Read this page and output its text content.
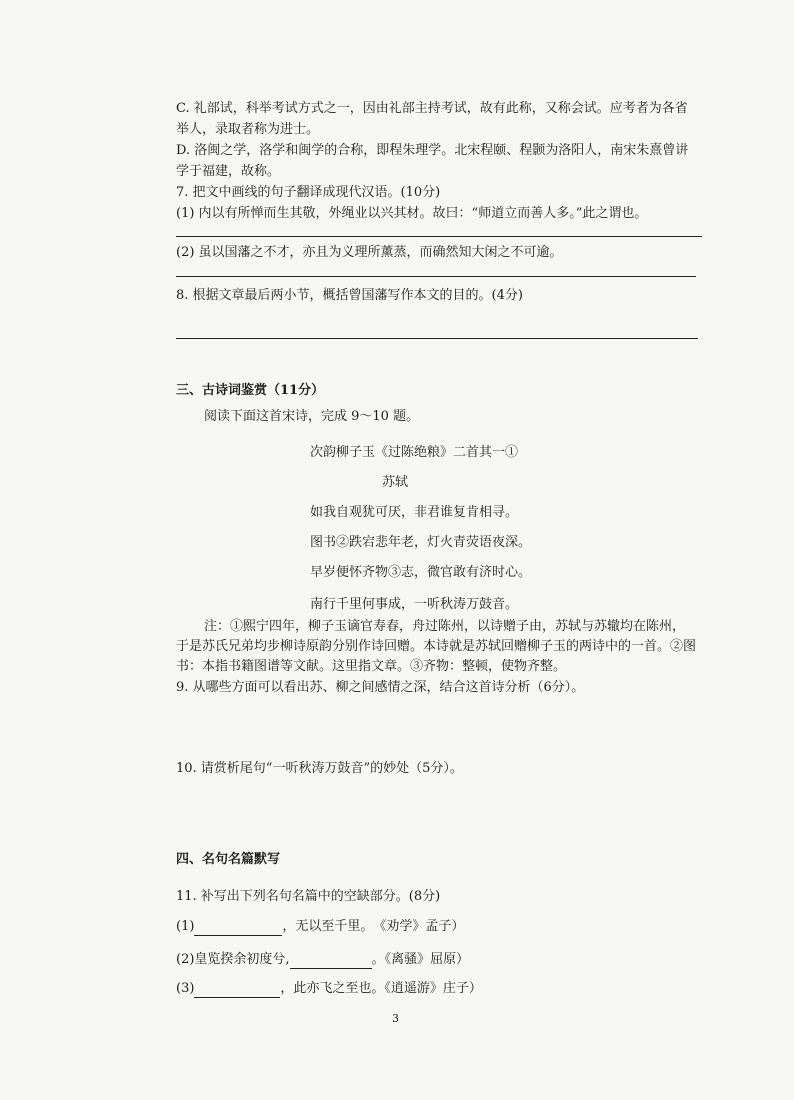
C. 礼部试，科举考试方式之一，因由礼部主持考试，故有此称，又称会试。应考者为各省
举人，录取者称为进士。
D. 洛闽之学，洛学和闽学的合称，即程朱理学。北宋程颐、程颢为洛阳人，南宋朱熹曾讲
学于福建，故称。
7. 把文中画线的句子翻译成现代汉语。(10分)
(1) 内以有所惮而生其敬，外绳业以兴其材。故曰：“师道立而善人多。”此之谓也。
(2) 虽以国藩之不才，亦且为义理所薰蒸，而确然知大闲之不可逾。
8. 根据文章最后两小节，概括曾国藩写作本文的目的。(4分)
三、古诗词鉴赏（11分）
阅读下面这首宋诗，完成 9～10 题。
次韵柳子玉《过陈绝粮》二首其一①
苏轼
如我自观犹可厌，非君谁复肯相寻。
图书②跌宕悲年老，灯火青荧语夜深。
早岁便怀齐物③志，微官敢有济时心。
南行千里何事成，一听秋涛万鼓音。
注：①熙宁四年，柳子玉谪官寿春，舟过陈州，以诗赠子由，苏轼与苏辙均在陈州，
于是苏氏兄弟均步柳诗原韵分别作诗回赠。本诗就是苏轼回赠柳子玉的两诗中的一首。②图
书：本指书籍图谱等文献。这里指文章。③齐物：整顿，使物齐整。
9. 从哪些方面可以看出苏、柳之间感情之深，结合这首诗分析（6分）。
10. 请赏析尾句“一听秋涛万鼓音”的妙处（5分）。
四、名句名篇默写
11. 补写出下列名句名篇中的空缺部分。(8分)
(1)	，无以至千里。　《劝学》孟子）
(2)皇览揆余初度兮,	。《离骚》屈原）
(3)	，此亦飞之至也。《逍遥游》庄子）
3
